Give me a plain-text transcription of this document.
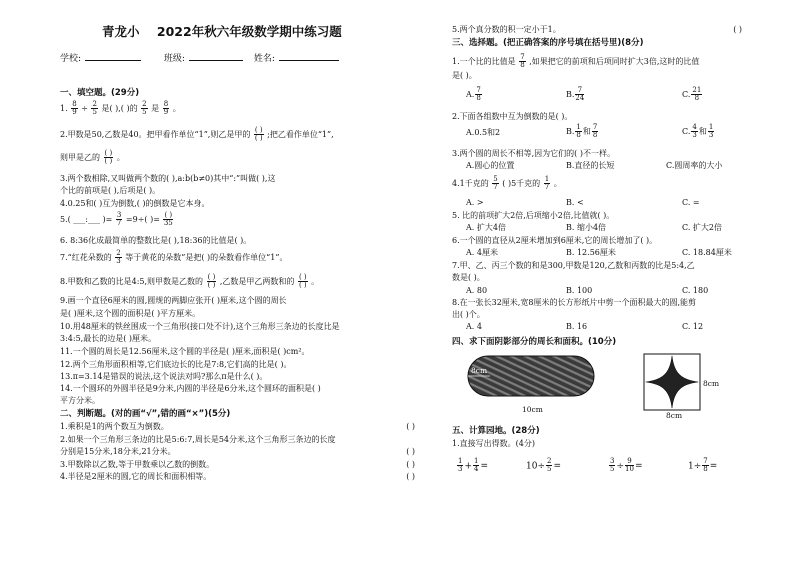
青龙小    2022年秋六年级数学期中练习题
学校:	班级:	姓名:
一、填空题。(29分)
1. $\frac{8}{9} \div \frac{2}{5}$ 是( ),( )的 $\frac{2}{5}$ 是 $\frac{8}{9}$ 。
2.甲数是50,乙数是40。把甲看作单位“1”,则乙是甲的 ( )
( ) ;把乙看作单位“1”,
则甲是乙的 ( )
( ) 。
3.两个数相除,又叫做两个数的( ),a:b(b≠0)其中“:”叫做( ),这
个比的前项是( ),后项是( )。
4.0.25和( )互为倒数,( )的倒数是它本身。
5.( ___:___ )= $\frac{3}{7} =9\div$( )= ( )
35
6. 8:36化成最简单的整数比是( ),18:36的比值是( )。
7.“红花朵数的 $\frac{2}{3}$ 等于黄花的朵数”是把( )的朵数看作单位“1”。
8.甲数和乙数的比是4:5,则甲数是乙数的 ( )
( ) ,乙数是甲乙两数和的 ( )
( ) 。
9.画一个直径6厘米的圆,圆规的两脚应张开( )厘米,这个圆的周长
是( )厘米,这个圆的面积是( )平方厘米。
10.用48厘米的铁丝围成一个三角形(接口处不计),这个三角形三条边的长度比是
3:4:5,最长的边是( )厘米。
11.一个圆的周长是12.56厘米,这个圆的半径是( )厘米,面积是( )cm²。
12.两个三角形面积相等,它们底边长的比是7:8,它们高的比是( )。
13.π=3.14是错误的说法,这个说法对吗?那么π是什么( )。
14.一个圆环的外圆半径是9分米,内圆的半径是6分米,这个圆环的面积是( )
平方分米。
二、判断题。(对的画“√”,错的画“×”)(5分)
1.乘积是1的两个数互为倒数。	( )
2.如果一个三角形三条边的比是5:6:7,周长是54分米,这个三角形三条边的长度
分别是15分米,18分米,21分米。	( )
3.甲数除以乙数,等于甲数乘以乙数的倒数。	( )
4.半径是2厘米的圆,它的周长和面积相等。	( )
5.两个真分数的积一定小于1。	( )
三、选择题。(把正确答案的序号填在括号里)(8分)
1.一个比的比值是 $\frac{7}{8}$ ,如果把它的前项和后项同时扩大3倍,这时的比值
是( )。
A. $\frac{7}{8}$	B. $\frac{7}{24}$	C. $\frac{21}{8}$
2.下面各组数中互为倒数的是( )。
A.0.5和2	B. $\frac{1}{8}$ 和 $\frac{7}{8}$	C. $\frac{4}{3}$ 和 $\frac{1}{3}$
3.两个圆的周长不相等,因为它们的( )不一样。
A.圆心的位置	B.直径的长短	C.圆周率的大小
4.1千克的 $\frac{5}{7}$ ( )5千克的 $\frac{1}{7}$ 。
A. >	B. <	C. =
5. 比的前项扩大2倍,后项缩小2倍,比值就( )。
A. 扩大4倍	B. 缩小4倍	C. 扩大2倍
6.一个圆的直径从2厘米增加到6厘米,它的周长增加了( )。
A. 4厘米	B. 12.56厘米	C. 18.84厘米
7.甲、乙、丙三个数的和是300,甲数是120,乙数和丙数的比是5:4,乙
数是( )。
A. 80	B. 100	C. 180
8.在一张长32厘米,宽8厘米的长方形纸片中剪一个面积最大的圆,能剪
出( )个。
A. 4	B. 16	C. 12
四、求下面阴影部分的周长和面积。(10分)
8cm
10cm
8cm
8cm
五、计算园地。(28分)
1.直接写出得数。(4分)
$\frac{1}{3} + \frac{1}{4}$ =	$10\div \frac{2}{5}$ =	$\frac{3}{5} \div \frac{9}{10}$ =	$1\div \frac{7}{8}$ =
